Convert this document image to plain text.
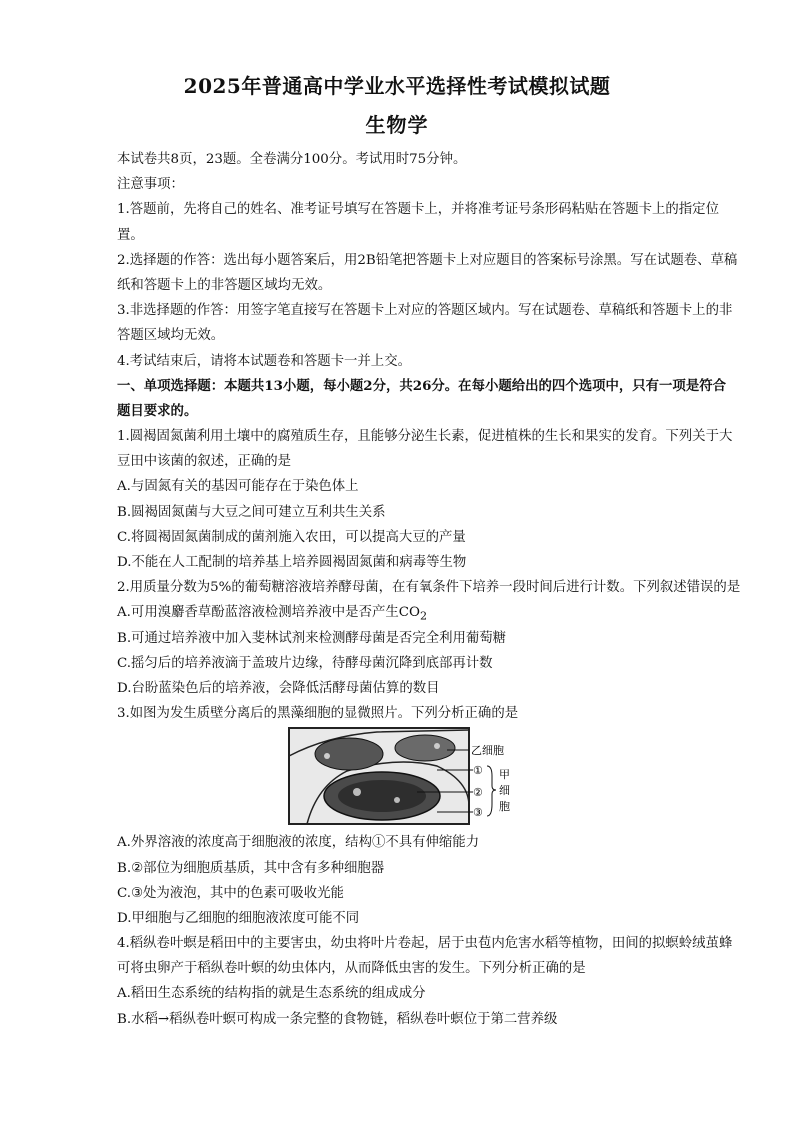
2025年普通高中学业水平选择性考试模拟试题
生物学
本试卷共8页，23题。全卷满分100分。考试用时75分钟。
注意事项：
1.答题前，先将自己的姓名、准考证号填写在答题卡上，并将准考证号条形码粘贴在答题卡上的指定位
置。
2.选择题的作答：选出每小题答案后，用2B铅笔把答题卡上对应题目的答案标号涂黑。写在试题卷、草稿
纸和答题卡上的非答题区域均无效。
3.非选择题的作答：用签字笔直接写在答题卡上对应的答题区域内。写在试题卷、草稿纸和答题卡上的非
答题区域均无效。
4.考试结束后，请将本试题卷和答题卡一并上交。
一、单项选择题：本题共13小题，每小题2分，共26分。在每小题给出的四个选项中，只有一项是符合
题目要求的。
1.圆褐固氮菌利用土壤中的腐殖质生存，且能够分泌生长素，促进植株的生长和果实的发育。下列关于大
豆田中该菌的叙述，正确的是
A.与固氮有关的基因可能存在于染色体上
B.圆褐固氮菌与大豆之间可建立互利共生关系
C.将圆褐固氮菌制成的菌剂施入农田，可以提高大豆的产量
D.不能在人工配制的培养基上培养圆褐固氮菌和病毒等生物
2.用质量分数为5%的葡萄糖溶液培养酵母菌，在有氧条件下培养一段时间后进行计数。下列叙述错误的是
A.可用溴麝香草酚蓝溶液检测培养液中是否产生$CO_2$
B.可通过培养液中加入斐林试剂来检测酵母菌是否完全利用葡萄糖
C.摇匀后的培养液滴于盖玻片边缘，待酵母菌沉降到底部再计数
D.台盼蓝染色后的培养液，会降低活酵母菌估算的数目
3.如图为发生质壁分离后的黑藻细胞的显微照片。下列分析正确的是
乙细胞
①
②
③
甲
细
胞
A.外界溶液的浓度高于细胞液的浓度，结构①不具有伸缩能力
B.②部位为细胞质基质，其中含有多种细胞器
C.③处为液泡，其中的色素可吸收光能
D.甲细胞与乙细胞的细胞液浓度可能不同
4.稻纵卷叶螟是稻田中的主要害虫，幼虫将叶片卷起，居于虫苞内危害水稻等植物，田间的拟螟蛉绒茧蜂
可将虫卵产于稻纵卷叶螟的幼虫体内，从而降低虫害的发生。下列分析正确的是
A.稻田生态系统的结构指的就是生态系统的组成成分
B.水稻→稻纵卷叶螟可构成一条完整的食物链，稻纵卷叶螟位于第二营养级
